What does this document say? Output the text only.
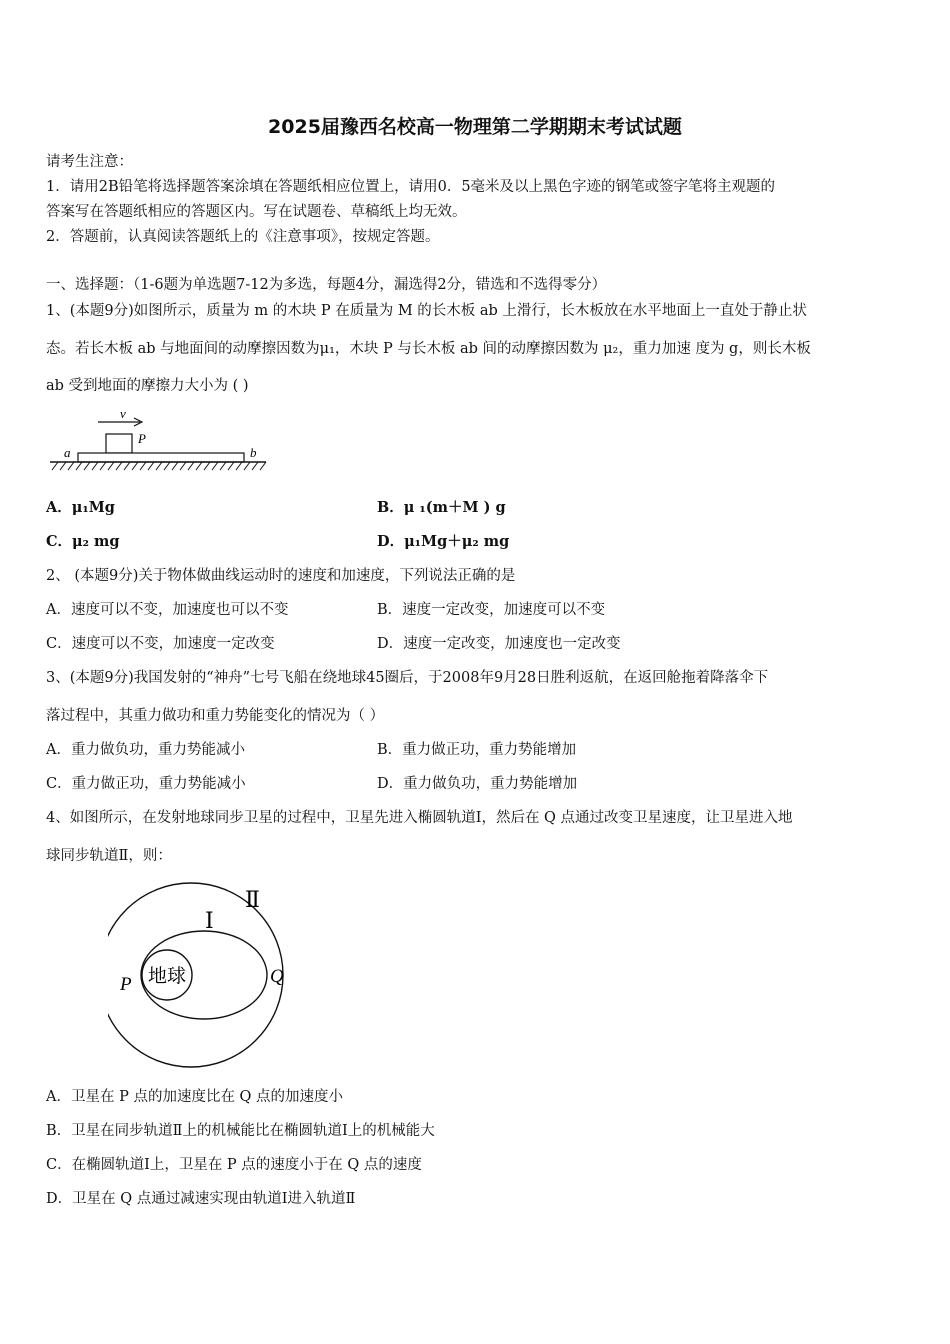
2025届豫西名校高一物理第二学期期末考试试题
请考生注意：
1．请用2B铅笔将选择题答案涂填在答题纸相应位置上，请用0．5毫米及以上黑色字迹的钢笔或签字笔将主观题的
答案写在答题纸相应的答题区内。写在试题卷、草稿纸上均无效。
2．答题前，认真阅读答题纸上的《注意事项》，按规定答题。
一、选择题：（1-6题为单选题7-12为多选，每题4分，漏选得2分，错选和不选得零分）
1、(本题9分)如图所示，质量为 m 的木块 P 在质量为 M 的长木板 ab 上滑行，长木板放在水平地面上一直处于静止状
态。若长木板 ab 与地面间的动摩擦因数为μ₁，木块 P 与长木板 ab 间的动摩擦因数为 μ₂，重力加速 度为 g，则长木板
ab 受到地面的摩擦力大小为 ( )
v
P
a	b
A．μ₁Mg	B．μ ₁(m＋M ) g
C．μ₂ mg	D．μ₁Mg＋μ₂ mg
2、 (本题9分)关于物体做曲线运动时的速度和加速度，下列说法正确的是
A．速度可以不变，加速度也可以不变	B．速度一定改变，加速度可以不变
C．速度可以不变，加速度一定改变	D．速度一定改变，加速度也一定改变
3、(本题9分)我国发射的“神舟”七号飞船在绕地球45圈后，于2008年9月28日胜利返航，在返回舱拖着降落伞下
落过程中，其重力做功和重力势能变化的情况为（ ）
A．重力做负功，重力势能减小	B．重力做正功，重力势能增加
C．重力做正功，重力势能减小	D．重力做负功，重力势能增加
4、如图所示，在发射地球同步卫星的过程中，卫星先进入椭圆轨道Ⅰ，然后在 Q 点通过改变卫星速度，让卫星进入地
球同步轨道Ⅱ，则：
地球
Ⅰ
Ⅱ
P	Q
A．卫星在 P 点的加速度比在 Q 点的加速度小
B．卫星在同步轨道Ⅱ上的机械能比在椭圆轨道Ⅰ上的机械能大
C．在椭圆轨道Ⅰ上，卫星在 P 点的速度小于在 Q 点的速度
D．卫星在 Q 点通过减速实现由轨道Ⅰ进入轨道Ⅱ
